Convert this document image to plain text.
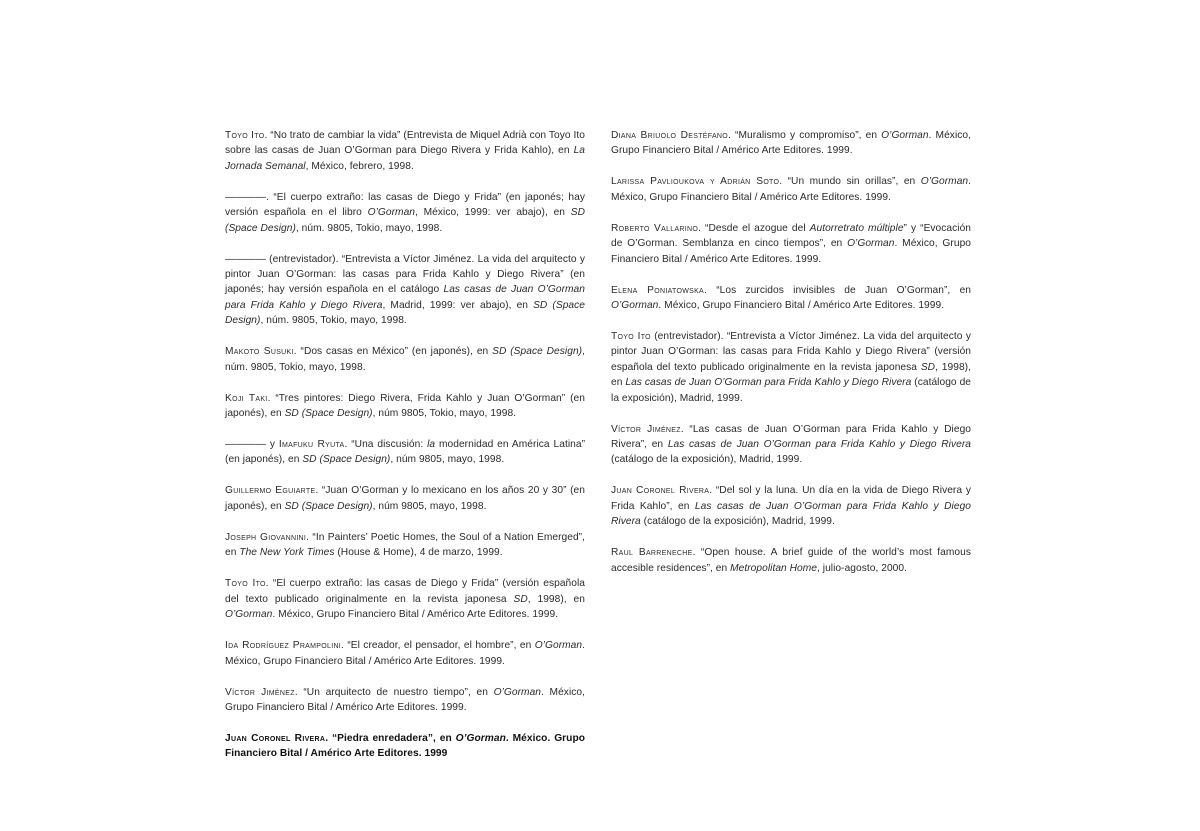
Toyo Ito. “No trato de cambiar la vida” (Entrevista de Miquel Adrià con Toyo Ito sobre las casas de Juan O’Gorman para Diego Rivera y Frida Kahlo), en La Jornada Semanal, México, febrero, 1998.

————. “El cuerpo extraño: las casas de Diego y Frida” (en japonés; hay versión española en el libro O’Gorman, México, 1999: ver abajo), en SD (Space Design), núm. 9805, Tokio, mayo, 1998.

———— (entrevistador). “Entrevista a Víctor Jiménez. La vida del arquitecto y pintor Juan O’Gorman: las casas para Frida Kahlo y Diego Rivera” (en japonés; hay versión española en el catálogo Las casas de Juan O’Gorman para Frida Kahlo y Diego Rivera, Madrid, 1999: ver abajo), en SD (Space Design), núm. 9805, Tokio, mayo, 1998.

Makoto Susuki. “Dos casas en México” (en japonés), en SD (Space Design), núm. 9805, Tokio, mayo, 1998.

Koji Taki. “Tres pintores: Diego Rivera, Frida Kahlo y Juan O’Gorman” (en japonés), en SD (Space Design), núm 9805, Tokio, mayo, 1998.

———— y Imafuku Ryuta. “Una discusión: la modernidad en América Latina” (en japonés), en SD (Space Design), núm 9805, mayo, 1998.

Guillermo Eguiarte. “Juan O’Gorman y lo mexicano en los años 20 y 30” (en japonés), en SD (Space Design), núm 9805, mayo, 1998.

Joseph Giovannini. “In Painters’ Poetic Homes, the Soul of a Nation Emerged”, en The New York Times (House & Home), 4 de marzo, 1999.

Toyo Ito. “El cuerpo extraño: las casas de Diego y Frida” (versión española del texto publicado originalmente en la revista japonesa SD, 1998), en O’Gorman. México, Grupo Financiero Bital / Américo Arte Editores. 1999.

Ida Rodríguez Prampolini. “El creador, el pensador, el hombre”, en O’Gorman. México, Grupo Financiero Bital / Américo Arte Editores. 1999.

Víctor Jiménez. “Un arquitecto de nuestro tiempo”, en O’Gorman. México, Grupo Financiero Bital / Américo Arte Editores. 1999.

Juan Coronel Rivera. “Piedra enredadera”, en O’Gorman. México. Grupo Financiero Bital / Américo Arte Editores. 1999

Diana Briuolo Destéfano. “Muralismo y compromiso”, en O’Gorman. México, Grupo Financiero Bital / Américo Arte Editores. 1999.

Larissa Pavlioukova y Adrián Soto. “Un mundo sin orillas”, en O’Gorman. México, Grupo Financiero Bital / Américo Arte Editores. 1999.

Roberto Vallarino. “Desde el azogue del Autorretrato múltiple” y “Evocación de O’Gorman. Semblanza en cinco tiempos”, en O’Gorman. México, Grupo Financiero Bital / Américo Arte Editores. 1999.

Elena Poniatowska. “Los zurcidos invisibles de Juan O’Gorman”, en O’Gorman. México, Grupo Financiero Bital / Américo Arte Editores. 1999.

Toyo Ito (entrevistador). “Entrevista a Víctor Jiménez. La vida del arquitecto y pintor Juan O’Gorman: las casas para Frida Kahlo y Diego Rivera” (versión española del texto publicado originalmente en la revista japonesa SD, 1998), en Las casas de Juan O’Gorman para Frida Kahlo y Diego Rivera (catálogo de la exposición), Madrid, 1999.

Víctor Jiménez. “Las casas de Juan O’Gorman para Frida Kahlo y Diego Rivera”, en Las casas de Juan O’Gorman para Frida Kahlo y Diego Rivera (catálogo de la exposición), Madrid, 1999.

Juan Coronel Rivera. “Del sol y la luna. Un día en la vida de Diego Rivera y Frida Kahlo”, en Las casas de Juan O’Gorman para Frida Kahlo y Diego Rivera (catálogo de la exposición), Madrid, 1999.

Raul Barreneche. “Open house. A brief guide of the world’s most famous accesible residences”, en Metropolitan Home, julio-agosto, 2000.
